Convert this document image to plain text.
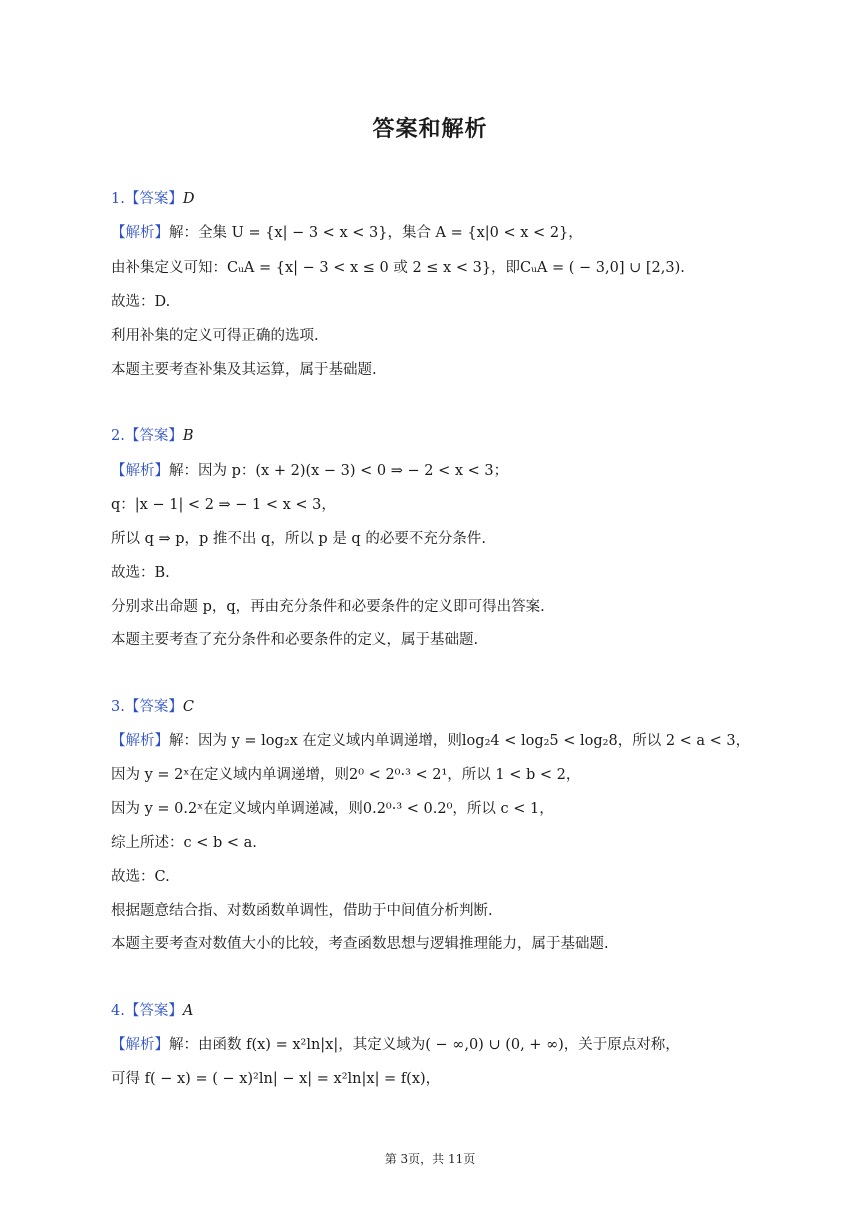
答案和解析
1.【答案】D
【解析】解：全集 U = {x| − 3 < x < 3}，集合 A = {x|0 < x < 2}，
由补集定义可知：CᵤA = {x| − 3 < x ≤ 0 或 2 ≤ x < 3}，即CᵤA = ( − 3,0] ∪ [2,3).
故选：D.
利用补集的定义可得正确的选项.
本题主要考查补集及其运算，属于基础题.
2.【答案】B
【解析】解：因为 p：(x + 2)(x − 3) < 0 ⇒ − 2 < x < 3；
q：|x − 1| < 2 ⇒ − 1 < x < 3，
所以 q ⇒ p，p 推不出 q，所以 p 是 q 的必要不充分条件.
故选：B.
分别求出命题 p，q，再由充分条件和必要条件的定义即可得出答案.
本题主要考查了充分条件和必要条件的定义，属于基础题.
3.【答案】C
【解析】解：因为 y = log₂x 在定义域内单调递增，则log₂4 < log₂5 < log₂8，所以 2 < a < 3，
因为 y = 2ˣ在定义域内单调递增，则2⁰ < 2⁰·³ < 2¹，所以 1 < b < 2，
因为 y = 0.2ˣ在定义域内单调递减，则0.2⁰·³ < 0.2⁰，所以 c < 1，
综上所述：c < b < a.
故选：C.
根据题意结合指、对数函数单调性，借助于中间值分析判断.
本题主要考查对数值大小的比较，考查函数思想与逻辑推理能力，属于基础题.
4.【答案】A
【解析】解：由函数 f(x) = x²ln|x|，其定义域为( − ∞,0) ∪ (0, + ∞)，关于原点对称，
可得 f( − x) = ( − x)²ln| − x| = x²ln|x| = f(x)，
第 3页，共 11页
